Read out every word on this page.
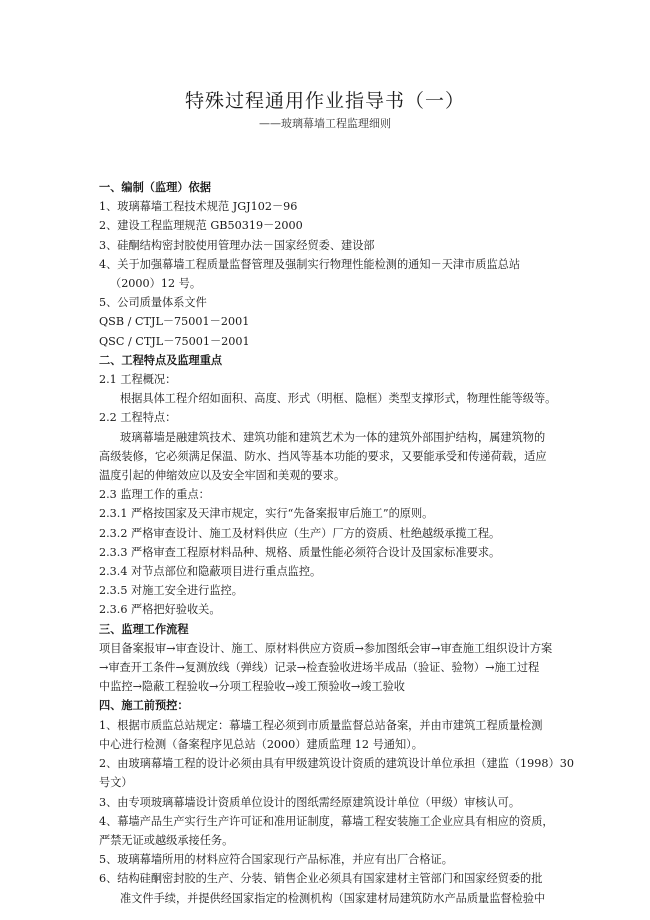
特殊过程通用作业指导书（一）
——玻璃幕墙工程监理细则
一、编制（监理）依据
1、玻璃幕墙工程技术规范 JGJ102－96
2、建设工程监理规范 GB50319－2000
3、硅酮结构密封胶使用管理办法－国家经贸委、建设部
4、关于加强幕墙工程质量监督管理及强制实行物理性能检测的通知－天津市质监总站
（2000）12 号。
5、公司质量体系文件
QSB / CTJL－75001－2001
QSC / CTJL－75001－2001
二、工程特点及监理重点
2.1 工程概况：
根据具体工程介绍如面积、高度、形式（明框、隐框）类型支撑形式，物理性能等级等。
2.2 工程特点：
玻璃幕墙是融建筑技术、建筑功能和建筑艺术为一体的建筑外部围护结构，属建筑物的
高级装修，它必须满足保温、防水、挡风等基本功能的要求，又要能承受和传递荷载，适应
温度引起的伸缩效应以及安全牢固和美观的要求。
2.3 监理工作的重点：
2.3.1 严格按国家及天津市规定，实行“先备案报审后施工”的原则。
2.3.2 严格审查设计、施工及材料供应（生产）厂方的资质、杜绝越级承揽工程。
2.3.3 严格审查工程原材料品种、规格、质量性能必须符合设计及国家标准要求。
2.3.4 对节点部位和隐蔽项目进行重点监控。
2.3.5 对施工安全进行监控。
2.3.6 严格把好验收关。
三、监理工作流程
项目备案报审→审查设计、施工、原材料供应方资质→参加图纸会审→审查施工组织设计方案
→审查开工条件→复测放线（弹线）记录→检查验收进场半成品（验证、验物）→施工过程
中监控→隐蔽工程验收→分项工程验收→竣工预验收→竣工验收
四、施工前预控：
1、根据市质监总站规定：幕墙工程必须到市质量监督总站备案，并由市建筑工程质量检测
中心进行检测（备案程序见总站（2000）建质监理 12 号通知）。
2、由玻璃幕墙工程的设计必须由具有甲级建筑设计资质的建筑设计单位承担（建监（1998）30
号文）
3、由专项玻璃幕墙设计资质单位设计的图纸需经原建筑设计单位（甲级）审核认可。
4、幕墙产品生产实行生产许可证和准用证制度，幕墙工程安装施工企业应具有相应的资质，
严禁无证或越级承接任务。
5、玻璃幕墙所用的材料应符合国家现行产品标准，并应有出厂合格证。
6、结构硅酮密封胶的生产、分装、销售企业必须具有国家建材主管部门和国家经贸委的批
准文件手续，并提供经国家指定的检测机构（国家建材局建筑防水产品质量监督检验中
